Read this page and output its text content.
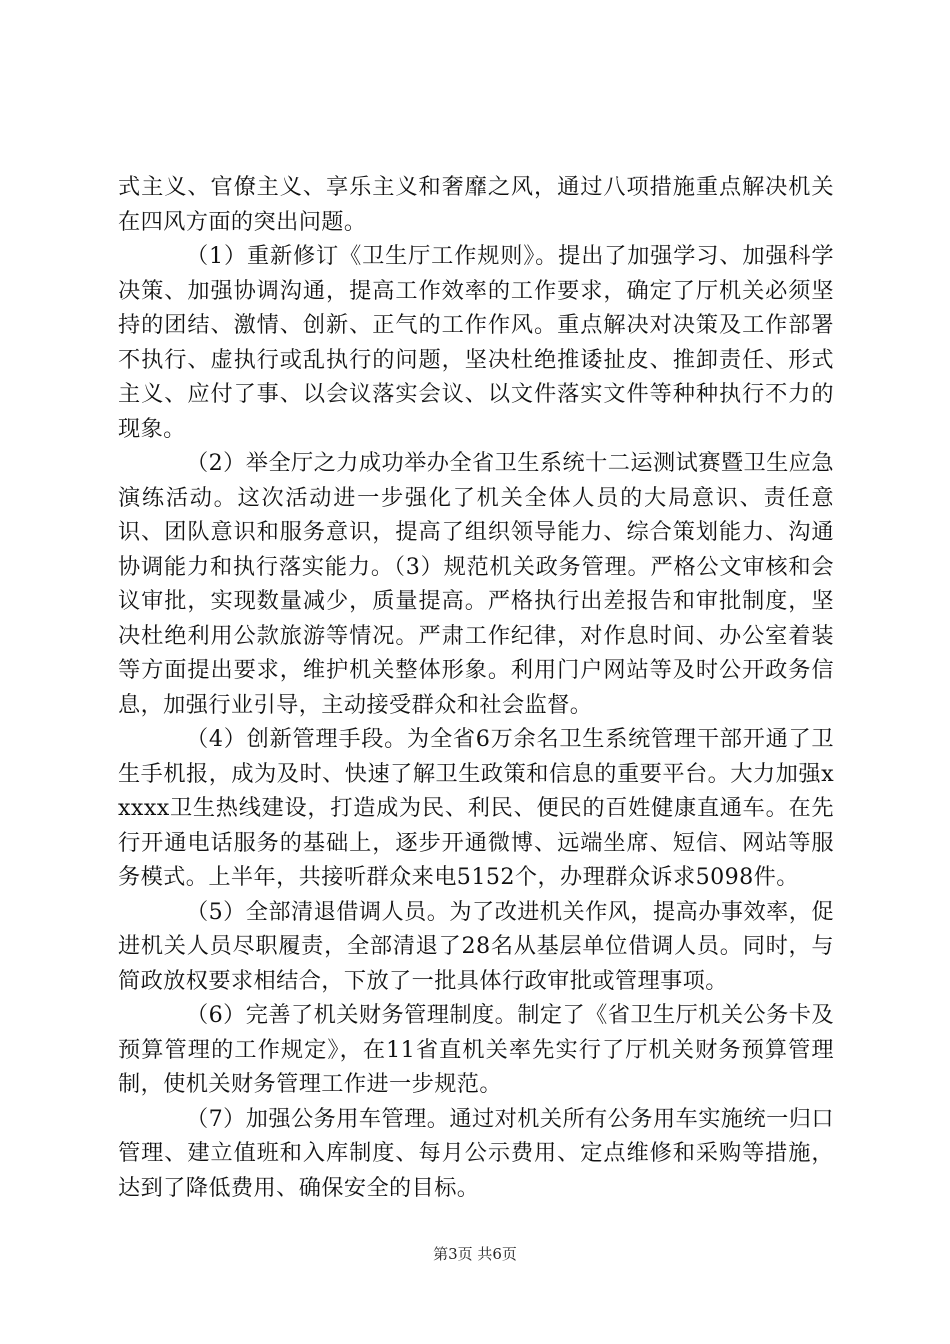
式主义、官僚主义、享乐主义和奢靡之风，通过八项措施重点解决机关在四风方面的突出问题。

（1）重新修订《卫生厅工作规则》。提出了加强学习、加强科学决策、加强协调沟通，提高工作效率的工作要求，确定了厅机关必须坚持的团结、激情、创新、正气的工作作风。重点解决对决策及工作部署不执行、虚执行或乱执行的问题，坚决杜绝推诿扯皮、推卸责任、形式主义、应付了事、以会议落实会议、以文件落实文件等种种执行不力的现象。

（2）举全厅之力成功举办全省卫生系统十二运测试赛暨卫生应急演练活动。这次活动进一步强化了机关全体人员的大局意识、责任意识、团队意识和服务意识，提高了组织领导能力、综合策划能力、沟通协调能力和执行落实能力。（3）规范机关政务管理。严格公文审核和会议审批，实现数量减少，质量提高。严格执行出差报告和审批制度，坚决杜绝利用公款旅游等情况。严肃工作纪律，对作息时间、办公室着装等方面提出要求，维护机关整体形象。利用门户网站等及时公开政务信息，加强行业引导，主动接受群众和社会监督。

（4）创新管理手段。为全省6万余名卫生系统管理干部开通了卫生手机报，成为及时、快速了解卫生政策和信息的重要平台。大力加强xxxxx卫生热线建设，打造成为民、利民、便民的百姓健康直通车。在先行开通电话服务的基础上，逐步开通微博、远端坐席、短信、网站等服务模式。上半年，共接听群众来电5152个，办理群众诉求5098件。

（5）全部清退借调人员。为了改进机关作风，提高办事效率，促进机关人员尽职履责，全部清退了28名从基层单位借调人员。同时，与简政放权要求相结合，下放了一批具体行政审批或管理事项。

（6）完善了机关财务管理制度。制定了《省卫生厅机关公务卡及预算管理的工作规定》，在11省直机关率先实行了厅机关财务预算管理制，使机关财务管理工作进一步规范。

（7）加强公务用车管理。通过对机关所有公务用车实施统一归口管理、建立值班和入库制度、每月公示费用、定点维修和采购等措施，达到了降低费用、确保安全的目标。

第3页 共6页
